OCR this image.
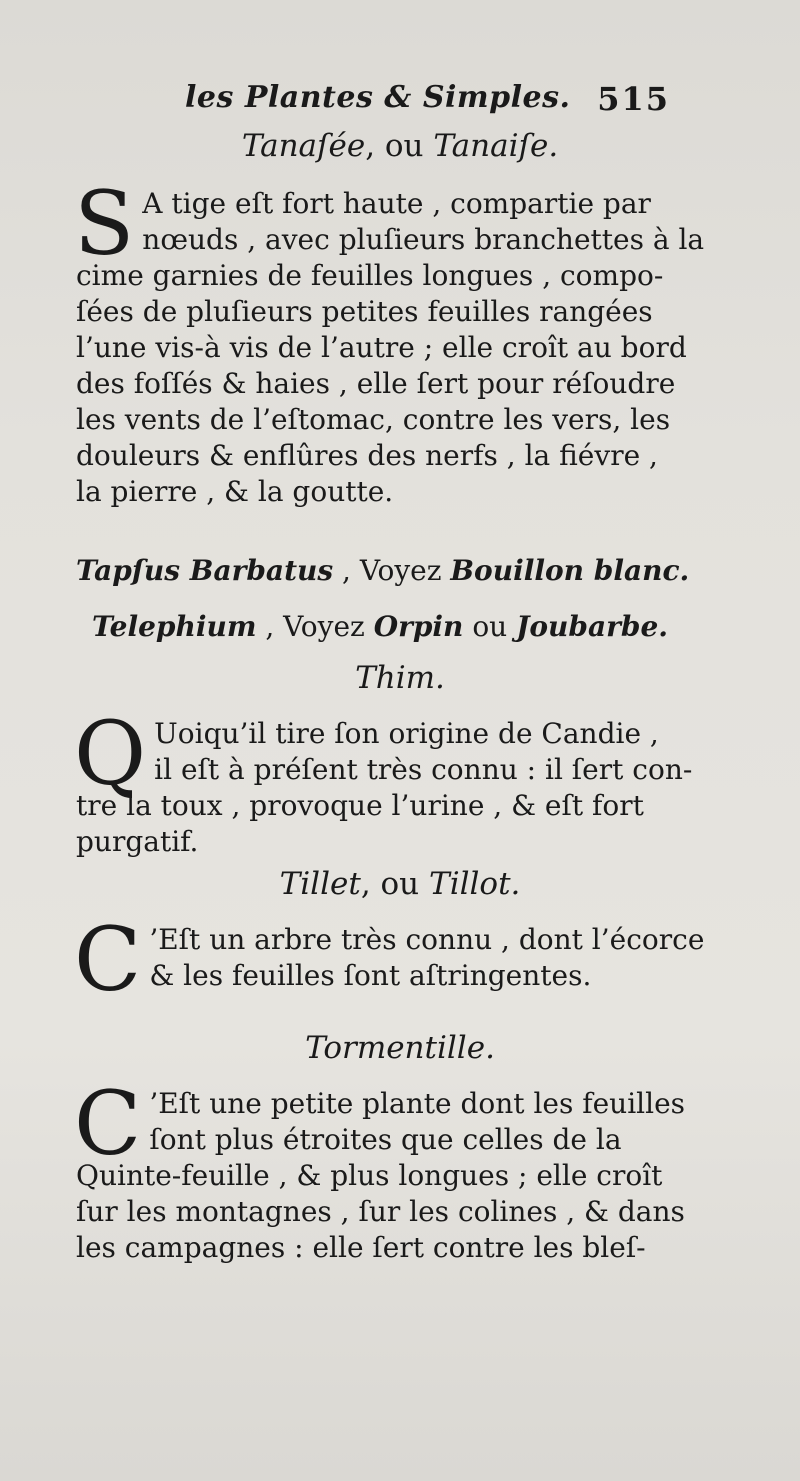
les Plantes & Simples. 515
Tanaſée, ou Tanaiſe.
S A tige eſt fort haute , compartie par
nœuds , avec pluſieurs branchettes à la
cime garnies de feuilles longues , compo-
ſées de pluſieurs petites feuilles rangées
l’une vis-à vis de l’autre ; elle croît au bord
des foſſés & haies , elle ſert pour réſoudre
les vents de l’eſtomac, contre les vers, les
douleurs & enflûres des nerfs , la fiévre ,
la pierre , & la goutte.
Tapſus Barbatus , Voyez Bouillon blanc.
Telephium , Voyez Orpin ou Joubarbe.
Thim.
Q Uoiqu’il tire ſon origine de Candie ,
il eſt à préſent très connu : il ſert con-
tre la toux , provoque l’urine , & eſt fort
purgatif.
Tillet, ou Tillot.
C ’Eſt un arbre très connu , dont l’écorce
& les feuilles ſont aſtringentes.
Tormentille.
C ’Eſt une petite plante dont les feuilles
ſont plus étroites que celles de la
Quinte-feuille , & plus longues ; elle croît
ſur les montagnes , ſur les colines , & dans
les campagnes : elle ſert contre les bleſ-
